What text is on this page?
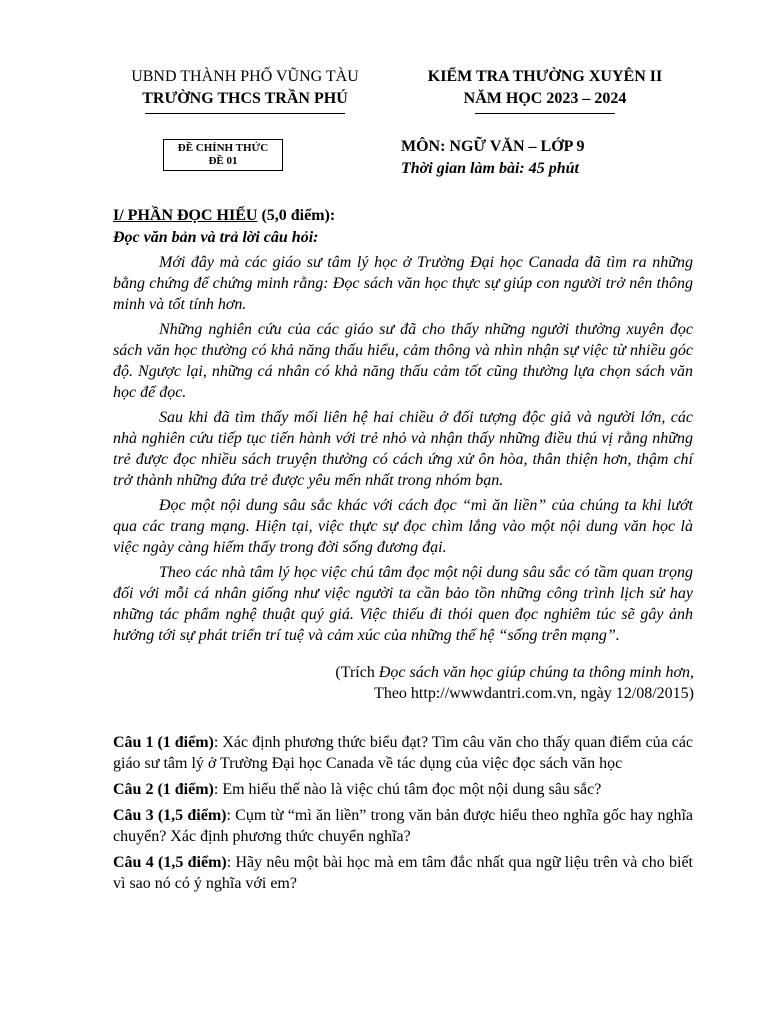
UBND THÀNH PHỐ VŨNG TÀU
TRƯỜNG THCS TRẦN PHÚ
KIỂM TRA THƯỜNG XUYÊN II
NĂM HỌC 2023 – 2024
ĐỀ CHÍNH THỨC
ĐỀ 01
MÔN: NGỮ VĂN – LỚP 9
Thời gian làm bài: 45 phút
I/ PHẦN ĐỌC HIỂU (5,0 điểm):
Đọc văn bản và trả lời câu hỏi:

Mới đây mà các giáo sư tâm lý học ở Trường Đại học Canada đã tìm ra những bằng chứng để chứng minh rằng: Đọc sách văn học thực sự giúp con người trở nên thông minh và tốt tính hơn.

Những nghiên cứu của các giáo sư đã cho thấy những người thường xuyên đọc sách văn học thường có khả năng thấu hiểu, cảm thông và nhìn nhận sự việc từ nhiều góc độ. Ngược lại, những cá nhân có khả năng thấu cảm tốt cũng thường lựa chọn sách văn học để đọc.

Sau khi đã tìm thấy mối liên hệ hai chiều ở đối tượng độc giả và người lớn, các nhà nghiên cứu tiếp tục tiến hành với trẻ nhỏ và nhận thấy những điều thú vị rằng những trẻ được đọc nhiều sách truyện thường có cách ứng xử ôn hòa, thân thiện hơn, thậm chí trở thành những đứa trẻ được yêu mến nhất trong nhóm bạn.

Đọc một nội dung sâu sắc khác với cách đọc “mì ăn liền” của chúng ta khi lướt qua các trang mạng. Hiện tại, việc thực sự đọc chìm lắng vào một nội dung văn học là việc ngày càng hiếm thấy trong đời sống đương đại.

Theo các nhà tâm lý học việc chú tâm đọc một nội dung sâu sắc có tầm quan trọng đối với mỗi cá nhân giống như việc người ta cần bảo tồn những công trình lịch sử hay những tác phẩm nghệ thuật quý giá. Việc thiếu đi thói quen đọc nghiêm túc sẽ gây ảnh hưởng tới sự phát triển trí tuệ và cảm xúc của những thế hệ “sống trên mạng”.

(Trích Đọc sách văn học giúp chúng ta thông minh hơn,
Theo http://wwwdantri.com.vn, ngày 12/08/2015)

Câu 1 (1 điểm): Xác định phương thức biểu đạt? Tìm câu văn cho thấy quan điểm của các giáo sư tâm lý ở Trường Đại học Canada về tác dụng của việc đọc sách văn học

Câu 2 (1 điểm): Em hiểu thế nào là việc chú tâm đọc một nội dung sâu sắc?

Câu 3 (1,5 điểm): Cụm từ “mì ăn liền” trong văn bản được hiểu theo nghĩa gốc hay nghĩa chuyển? Xác định phương thức chuyển nghĩa?

Câu 4 (1,5 điểm): Hãy nêu một bài học mà em tâm đắc nhất qua ngữ liệu trên và cho biết vì sao nó có ý nghĩa với em?
